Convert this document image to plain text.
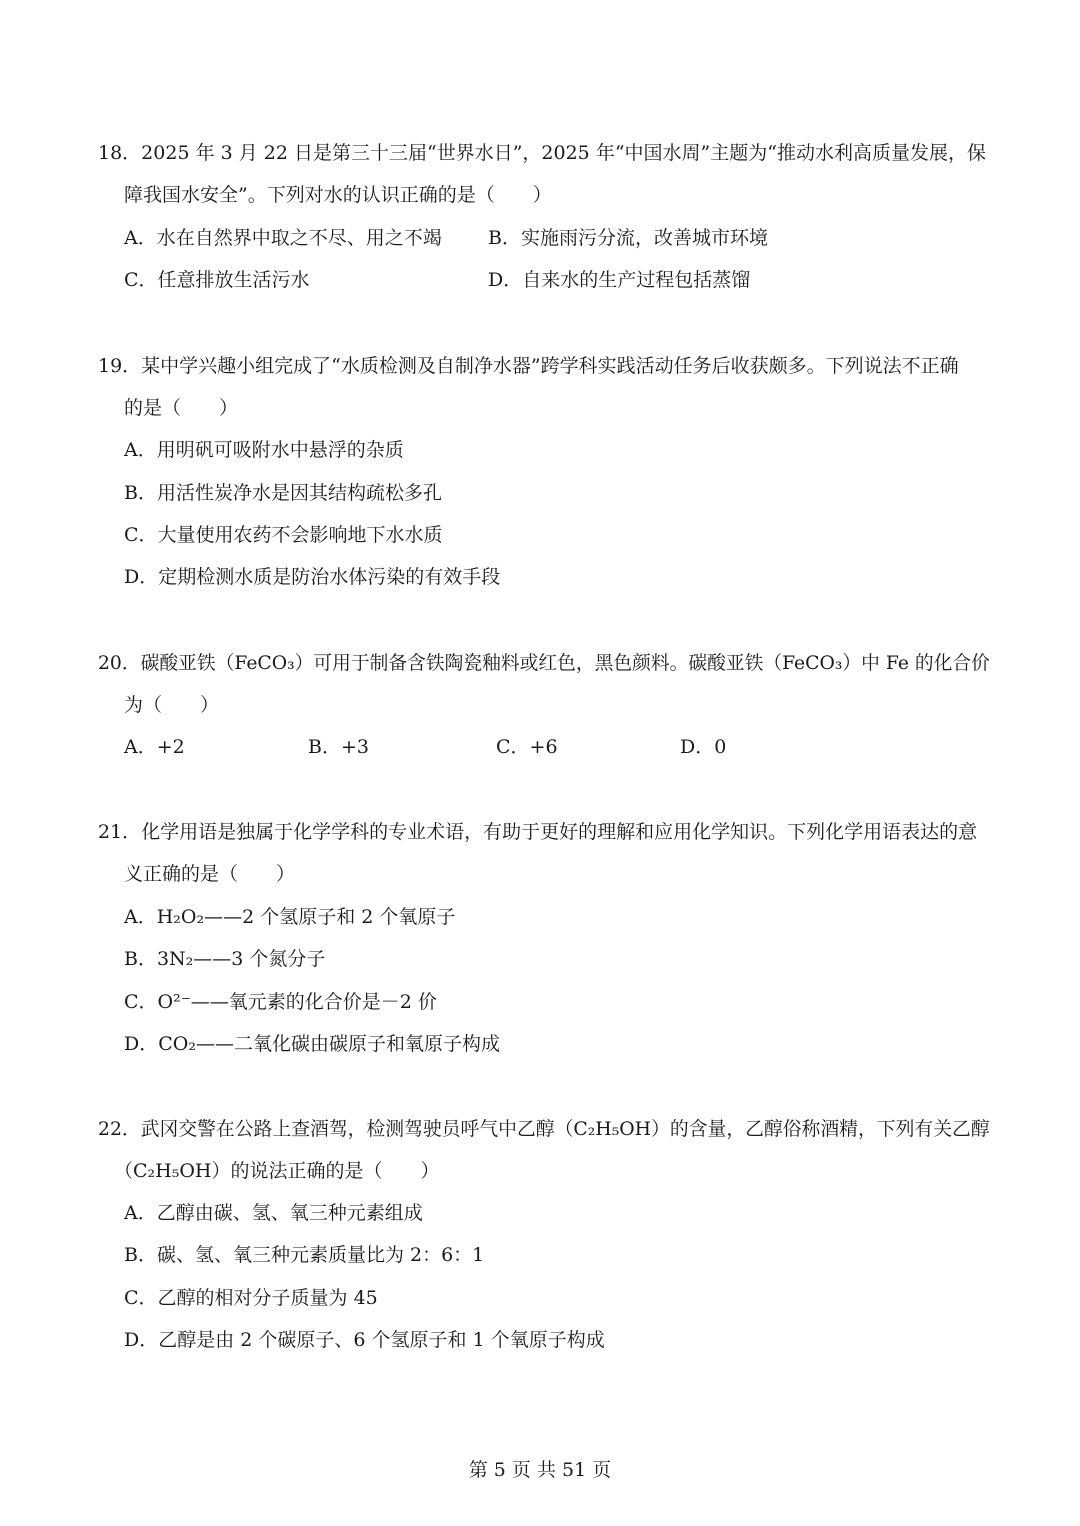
18．2025 年 3 月 22 日是第三十三届“世界水日”，2025 年“中国水周”主题为“推动水利高质量发展，保
障我国水安全”。下列对水的认识正确的是（　　）
A．水在自然界中取之不尽、用之不竭 B．实施雨污分流，改善城市环境
C．任意排放生活污水	D．自来水的生产过程包括蒸馏
19．某中学兴趣小组完成了“水质检测及自制净水器”跨学科实践活动任务后收获颇多。下列说法不正确
的是（　　）
A．用明矾可吸附水中悬浮的杂质
B．用活性炭净水是因其结构疏松多孔
C．大量使用农药不会影响地下水水质
D．定期检测水质是防治水体污染的有效手段
20．碳酸亚铁（FeCO₃）可用于制备含铁陶瓷釉料或红色，黑色颜料。碳酸亚铁（FeCO₃）中 Fe 的化合价
为（　　）
A．+2	B．+3	C．+6	D．0
21．化学用语是独属于化学学科的专业术语，有助于更好的理解和应用化学知识。下列化学用语表达的意
义正确的是（　　）
A．H₂O₂——2 个氢原子和 2 个氧原子
B．3N₂——3 个氮分子
C．O²⁻——氧元素的化合价是－2 价
D．CO₂——二氧化碳由碳原子和氧原子构成
22．武冈交警在公路上查酒驾，检测驾驶员呼气中乙醇（C₂H₅OH）的含量，乙醇俗称酒精，下列有关乙醇
（C₂H₅OH）的说法正确的是（　　）
A．乙醇由碳、氢、氧三种元素组成
B．碳、氢、氧三种元素质量比为 2：6：1
C．乙醇的相对分子质量为 45
D．乙醇是由 2 个碳原子、6 个氢原子和 1 个氧原子构成
第 5 页 共 51 页
